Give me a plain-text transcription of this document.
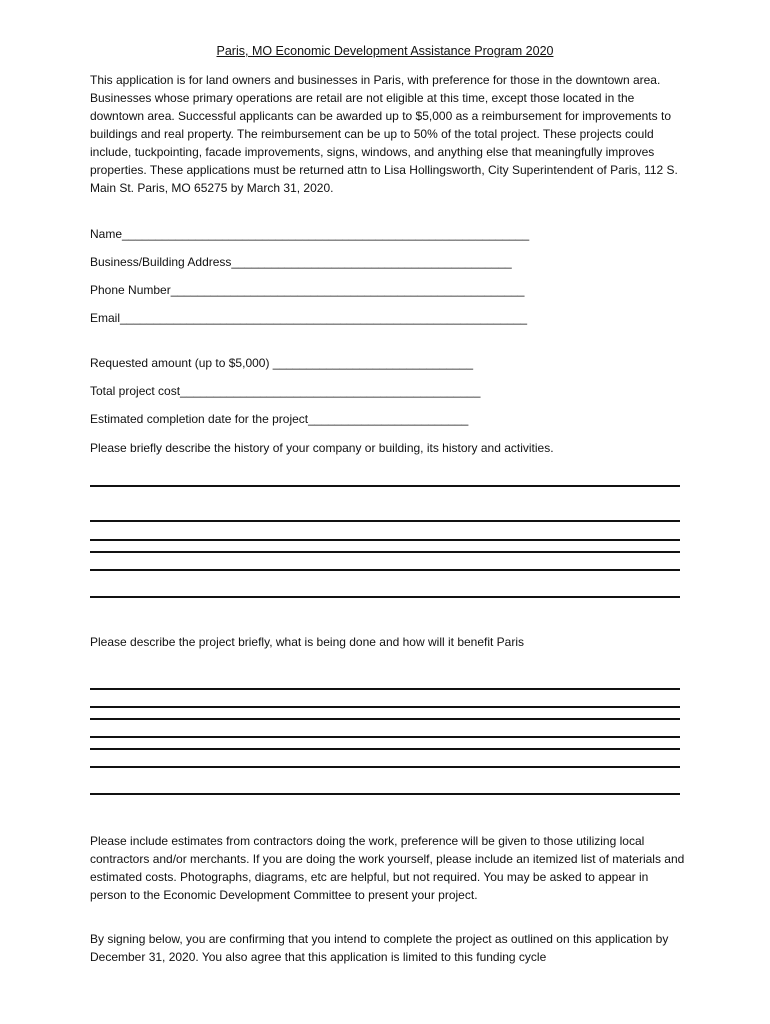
Paris, MO Economic Development Assistance Program 2020

This application is for land owners and businesses in Paris, with preference for those in the downtown area. Businesses whose primary operations are retail are not eligible at this time, except those located in the downtown area. Successful applicants can be awarded up to $5,000 as a reimbursement for improvements to buildings and real property. The reimbursement can be up to 50% of the total project. These projects could include, tuckpointing, facade improvements, signs, windows, and anything else that meaningfully improves properties. These applications must be returned attn to Lisa Hollingsworth, City Superintendent of Paris, 112 S. Main St. Paris, MO 65275 by March 31, 2020.

Name_____________________________________________________________
Business/Building Address__________________________________________
Phone Number_____________________________________________________
Email_____________________________________________________________
Requested amount (up to $5,000) ______________________________
Total project cost_____________________________________________
Estimated completion date for the project________________________
Please briefly describe the history of your company or building, its history and activities.
Please describe the project briefly, what is being done and how will it benefit Paris

Please include estimates from contractors doing the work, preference will be given to those utilizing local contractors and/or merchants. If you are doing the work yourself, please include an itemized list of materials and estimated costs. Photographs, diagrams, etc are helpful, but not required. You may be asked to appear in person to the Economic Development Committee to present your project.

By signing below, you are confirming that you intend to complete the project as outlined on this application by December 31, 2020. You also agree that this application is limited to this funding cycle
